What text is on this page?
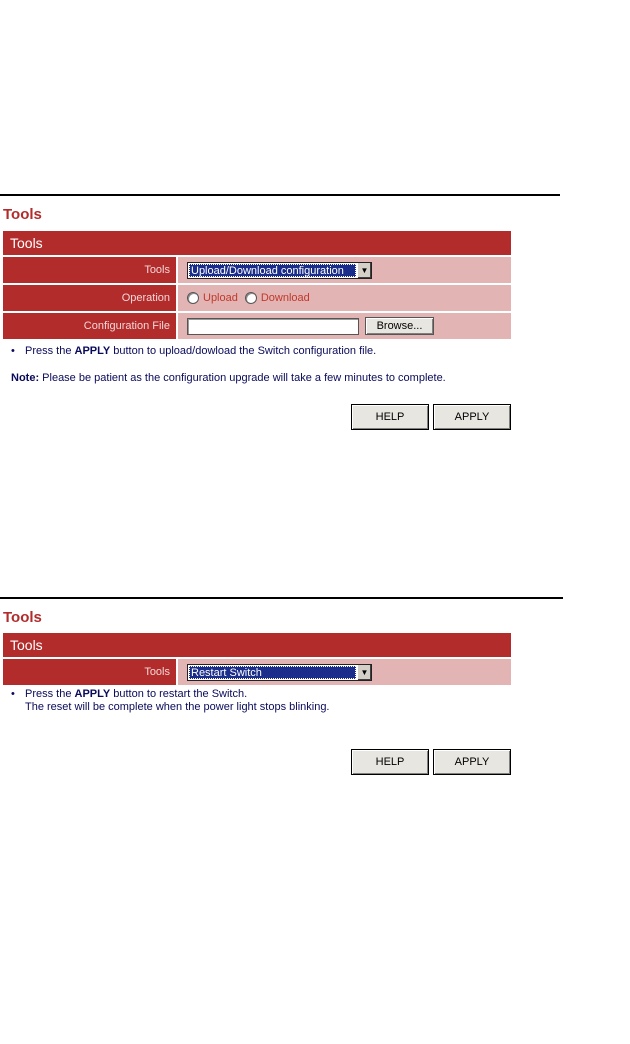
Tools
Tools
Tools	Upload/Download configuration	▼
Operation	Upload Download
Configuration File	Browse...
• Press the APPLY button to upload/dowload the Switch configuration file.
Note: Please be patient as the configuration upgrade will take a few minutes to complete.
HELP	APPLY
Tools
Tools
Tools	Restart Switch	▼
• Press the APPLY button to restart the Switch.
The reset will be complete when the power light stops blinking.
HELP	APPLY
